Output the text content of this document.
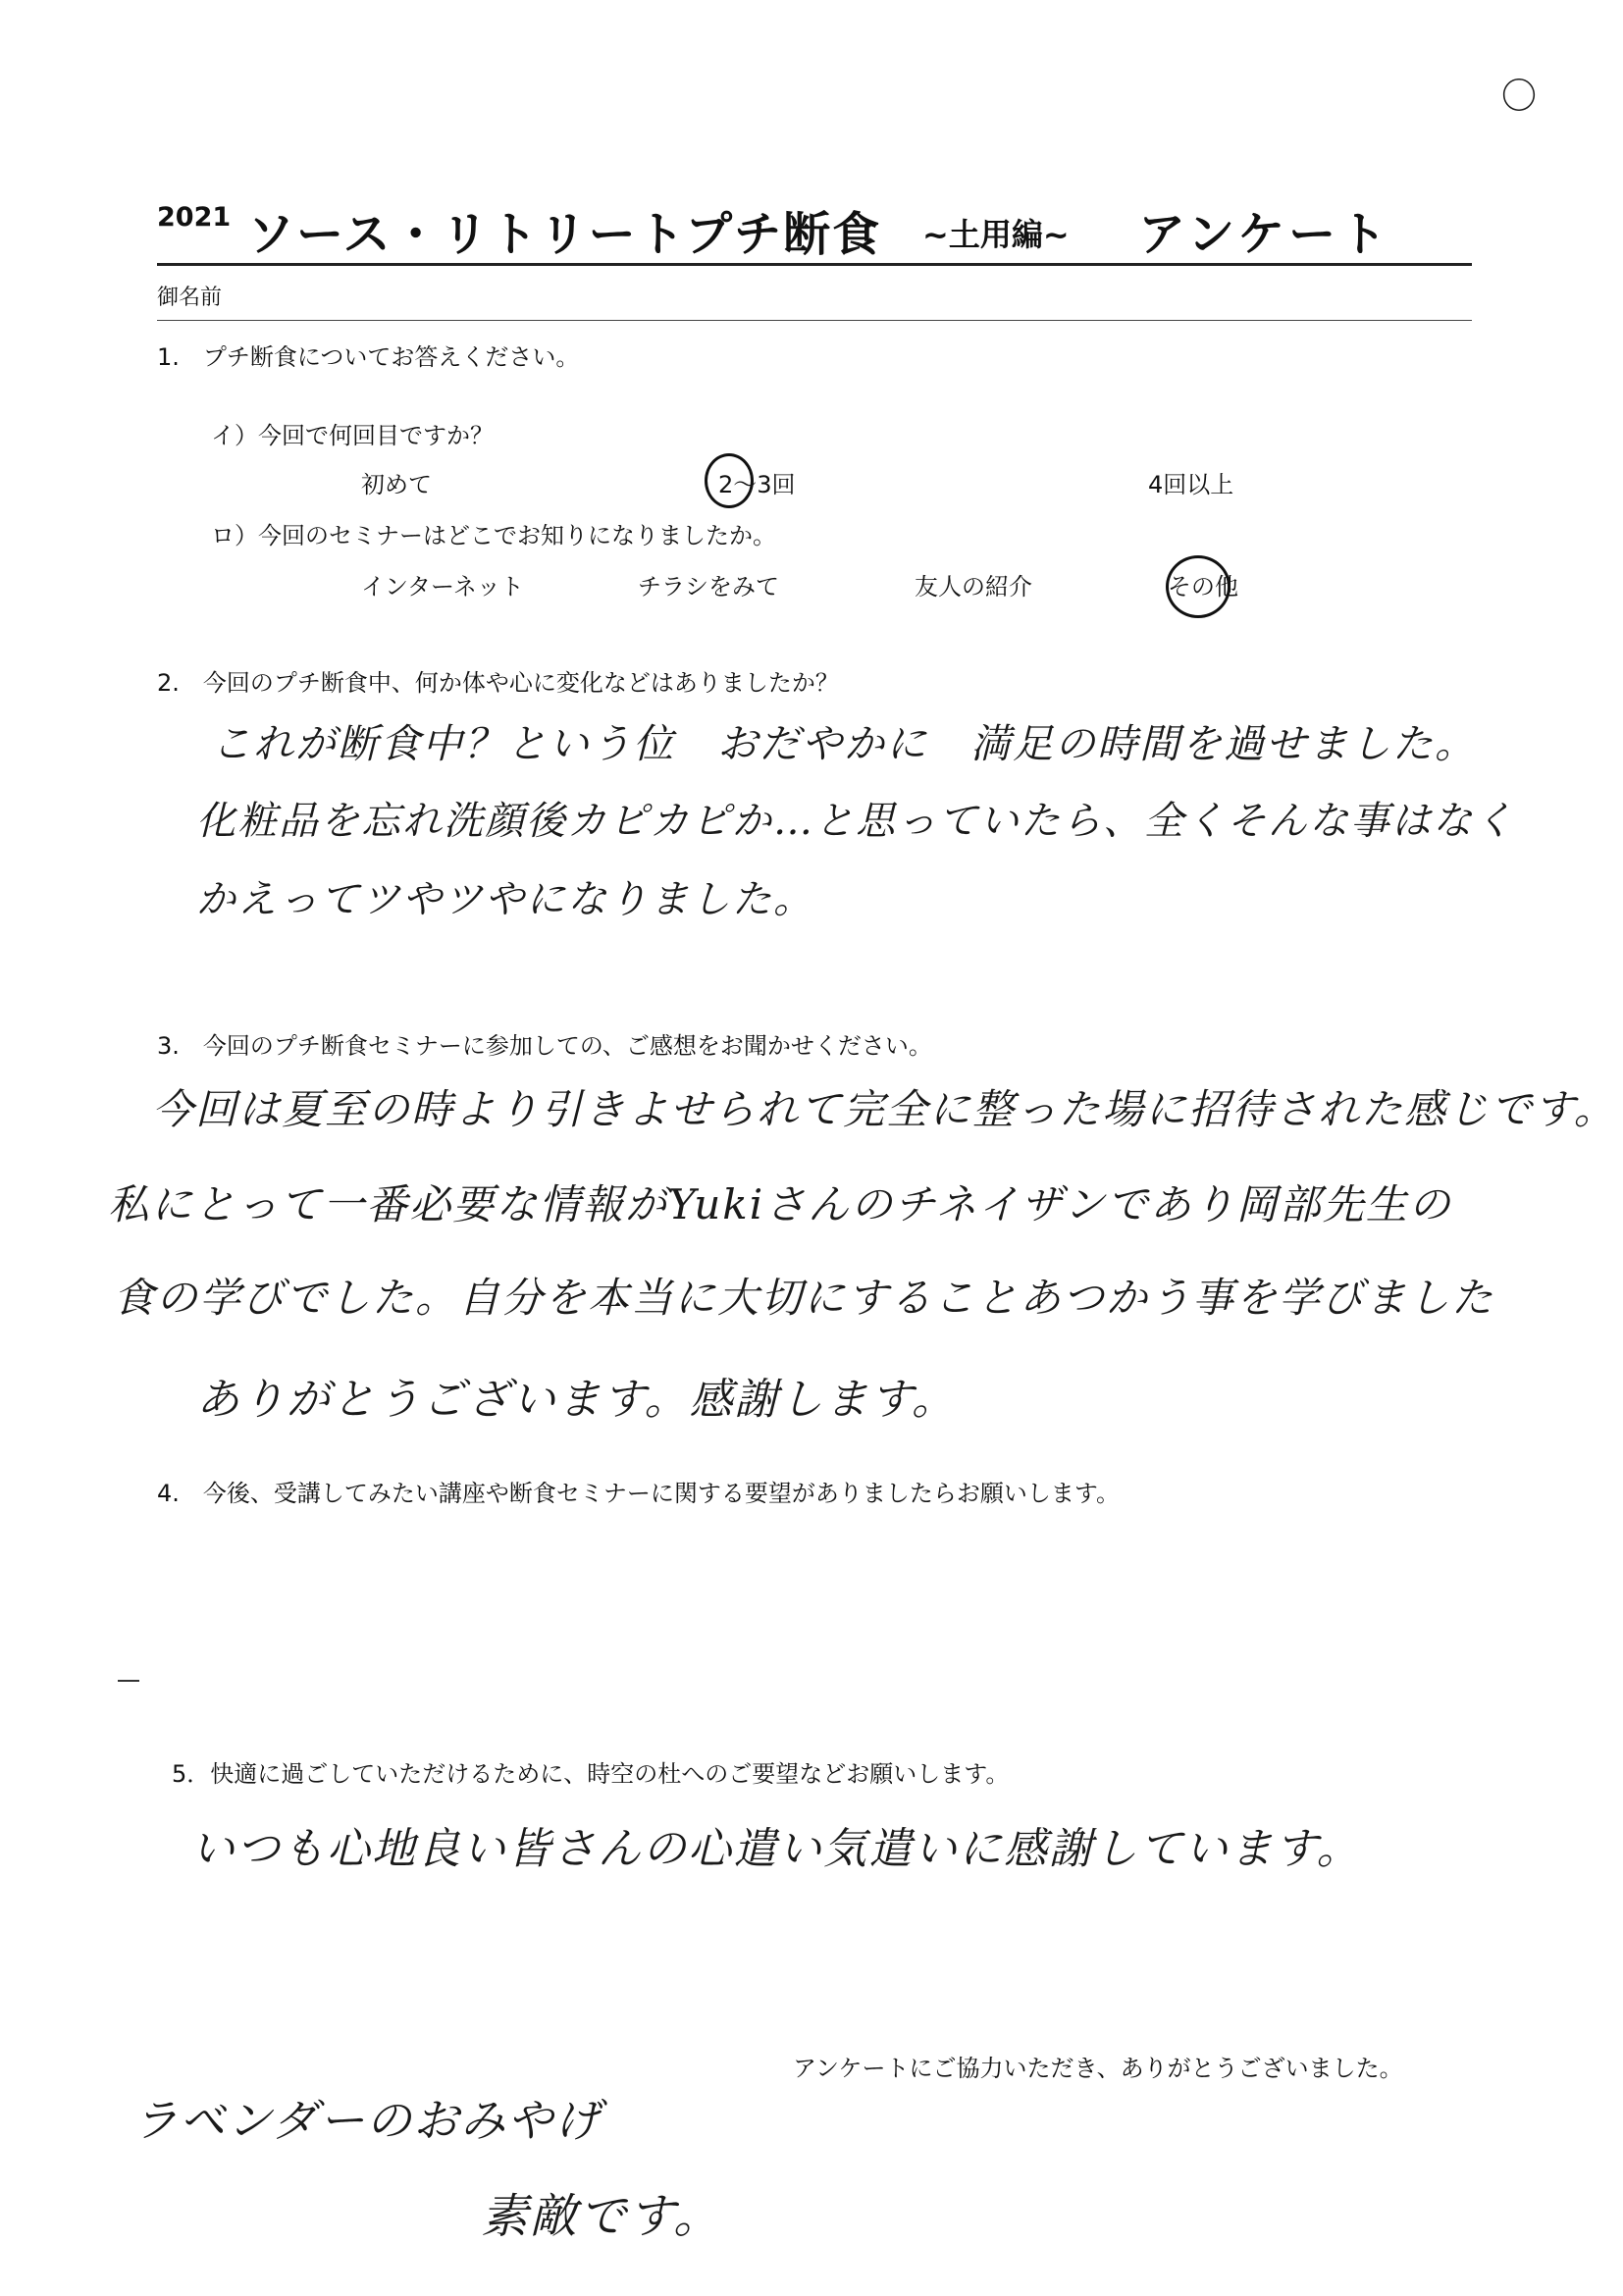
〇
2021 ソース・リトリートプチ断食 ~土用編~ アンケート
御名前
1.　プチ断食についてお答えください。
イ）今回で何回目ですか？
初めて	2～3回	4回以上
ロ）今回のセミナーはどこでお知りになりましたか。
インターネット	チラシをみて	友人の紹介	その他
2.　今回のプチ断食中、何か体や心に変化などはありましたか？
これが断食中？という位　おだやかに　満足の時間を過せました。
化粧品を忘れ洗顔後カピカピか…と思っていたら、全くそんな事はなく
かえってツやツやになりました。
3.　今回のプチ断食セミナーに参加しての、ご感想をお聞かせください。
今回は夏至の時より引きよせられて完全に整った場に招待された感じです。
私にとって一番必要な情報がYukiさんのチネイザンであり岡部先生の
食の学びでした。自分を本当に大切にすることあつかう事を学びました
ありがとうございます。感謝します。
4.　今後、受講してみたい講座や断食セミナーに関する要望がありましたらお願いします。
5．快適に過ごしていただけるために、時空の杜へのご要望などお願いします。
いつも心地良い皆さんの心遣い気遣いに感謝しています。
アンケートにご協力いただき、ありがとうございました。
ラベンダーのおみやげ
素敵です。
